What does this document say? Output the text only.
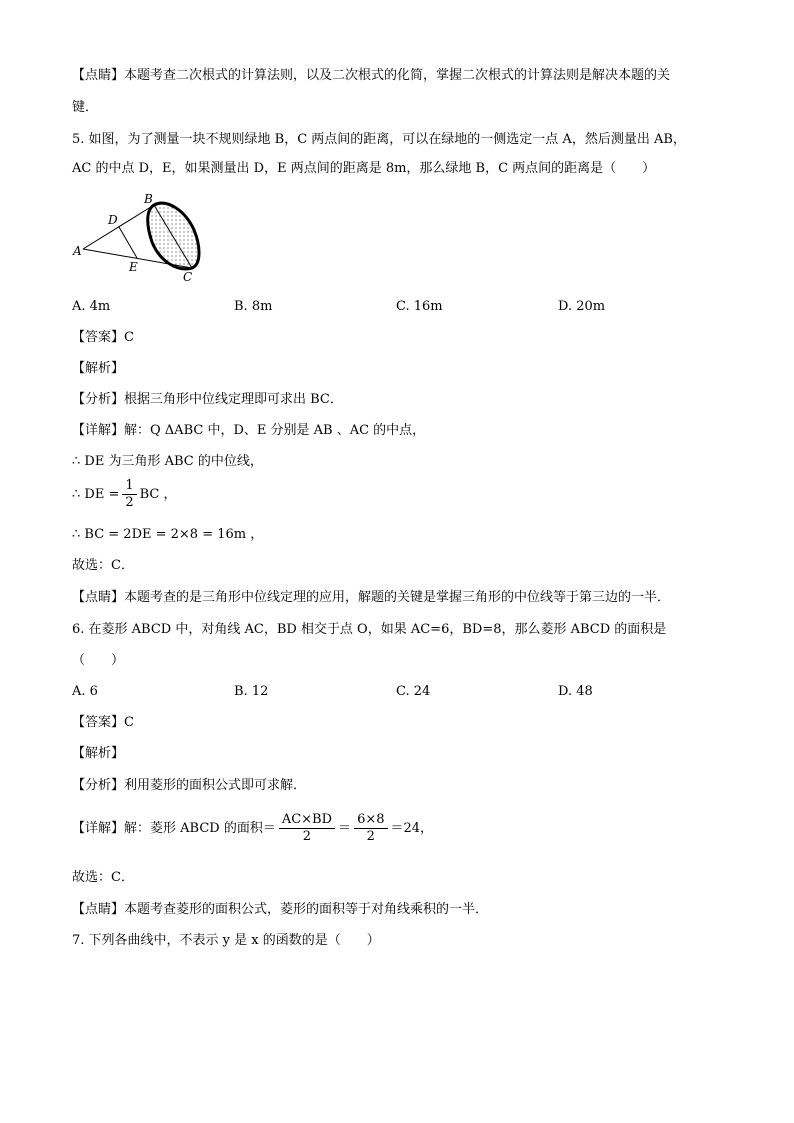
【点睛】本题考查二次根式的计算法则，以及二次根式的化简，掌握二次根式的计算法则是解决本题的关
键．
5. 如图，为了测量一块不规则绿地 B，C 两点间的距离，可以在绿地的一侧选定一点 A，然后测量出 AB，
AC 的中点 D，E，如果测量出 D，E 两点间的距离是 8m，那么绿地 B，C 两点间的距离是（　　）
A
B
C
D
E
A. 4m	B. 8m	C. 16m	D. 20m
【答案】C
【解析】
【分析】根据三角形中位线定理即可求出 BC．
【详解】解：Q ΔABC 中，D、E 分别是 AB 、AC 的中点，
∴ DE 为三角形 ABC 的中位线，
∴ DE = $\frac{1}{2}$ BC ，
∴ BC = 2DE = 2×8 = 16m ，
故选：C．
【点睛】本题考查的是三角形中位线定理的应用，解题的关键是掌握三角形的中位线等于第三边的一半．
6. 在菱形 ABCD 中，对角线 AC，BD 相交于点 O，如果 AC=6，BD=8，那么菱形 ABCD 的面积是
（　　）
A. 6	B. 12	C. 24	D. 48
【答案】C
【解析】
【分析】利用菱形的面积公式即可求解．
【详解】解：菱形 ABCD 的面积＝ $\frac{AC\times BD}{2} = \frac{6\times 8}{2} =24$，
故选：C．
【点睛】本题考查菱形的面积公式，菱形的面积等于对角线乘积的一半．
7. 下列各曲线中，不表示 y 是 x 的函数的是（　　）
